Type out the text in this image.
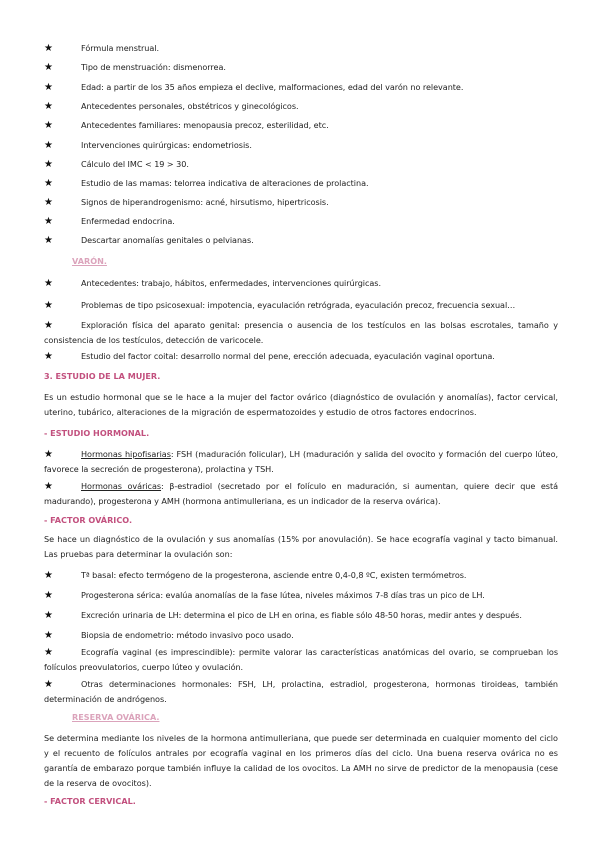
★	Fórmula menstrual.
★	Tipo de menstruación: dismenorrea.
★	Edad: a partir de los 35 años empieza el declive, malformaciones, edad del varón no relevante.
★	Antecedentes personales, obstétricos y ginecológicos.
★	Antecedentes familiares: menopausia precoz, esterilidad, etc.
★	Intervenciones quirúrgicas: endometriosis.
★	Cálculo del IMC < 19 > 30.
★	Estudio de las mamas: telorrea indicativa de alteraciones de prolactina.
★	Signos de hiperandrogenismo: acné, hirsutismo, hipertricosis.
★	Enfermedad endocrina.
★	Descartar anomalías genitales o pelvianas.
VARÓN.
★	Antecedentes: trabajo, hábitos, enfermedades, intervenciones quirúrgicas.
★	Problemas de tipo psicosexual: impotencia, eyaculación retrógrada, eyaculación precoz, frecuencia sexual…
★	Exploración física del aparato genital: presencia o ausencia de los testículos en las bolsas escrotales, tamaño y consistencia de los testículos, detección de varicocele.
★	Estudio del factor coital: desarrollo normal del pene, erección adecuada, eyaculación vaginal oportuna.
3. ESTUDIO DE LA MUJER.
Es un estudio hormonal que se le hace a la mujer del factor ovárico (diagnóstico de ovulación y anomalías), factor cervical, uterino, tubárico, alteraciones de la migración de espermatozoides y estudio de otros factores endocrinos.
- ESTUDIO HORMONAL.
★	Hormonas hipofisarias: FSH (maduración folicular), LH (maduración y salida del ovocito y formación del cuerpo lúteo, favorece la secreción de progesterona), prolactina y TSH.
★	Hormonas ováricas: β-estradiol (secretado por el folículo en maduración, si aumentan, quiere decir que está madurando), progesterona y AMH (hormona antimulleriana, es un indicador de la reserva ovárica).
- FACTOR OVÁRICO.
Se hace un diagnóstico de la ovulación y sus anomalías (15% por anovulación). Se hace ecografía vaginal y tacto bimanual. Las pruebas para determinar la ovulación son:
★	Tª basal: efecto termógeno de la progesterona, asciende entre 0,4-0,8 ºC, existen termómetros.
★	Progesterona sérica: evalúa anomalías de la fase lútea, niveles máximos 7-8 días tras un pico de LH.
★	Excreción urinaria de LH: determina el pico de LH en orina, es fiable sólo 48-50 horas, medir antes y después.
★	Biopsia de endometrio: método invasivo poco usado.
★	Ecografía vaginal (es imprescindible): permite valorar las características anatómicas del ovario, se comprueban los folículos preovulatorios, cuerpo lúteo y ovulación.
★	Otras determinaciones hormonales: FSH, LH, prolactina, estradiol, progesterona, hormonas tiroideas, también determinación de andrógenos.
RESERVA OVÁRICA.
Se determina mediante los niveles de la hormona antimulleriana, que puede ser determinada en cualquier momento del ciclo y el recuento de folículos antrales por ecografía vaginal en los primeros días del ciclo. Una buena reserva ovárica no es garantía de embarazo porque también influye la calidad de los ovocitos. La AMH no sirve de predictor de la menopausia (cese de la reserva de ovocitos).
- FACTOR CERVICAL.
